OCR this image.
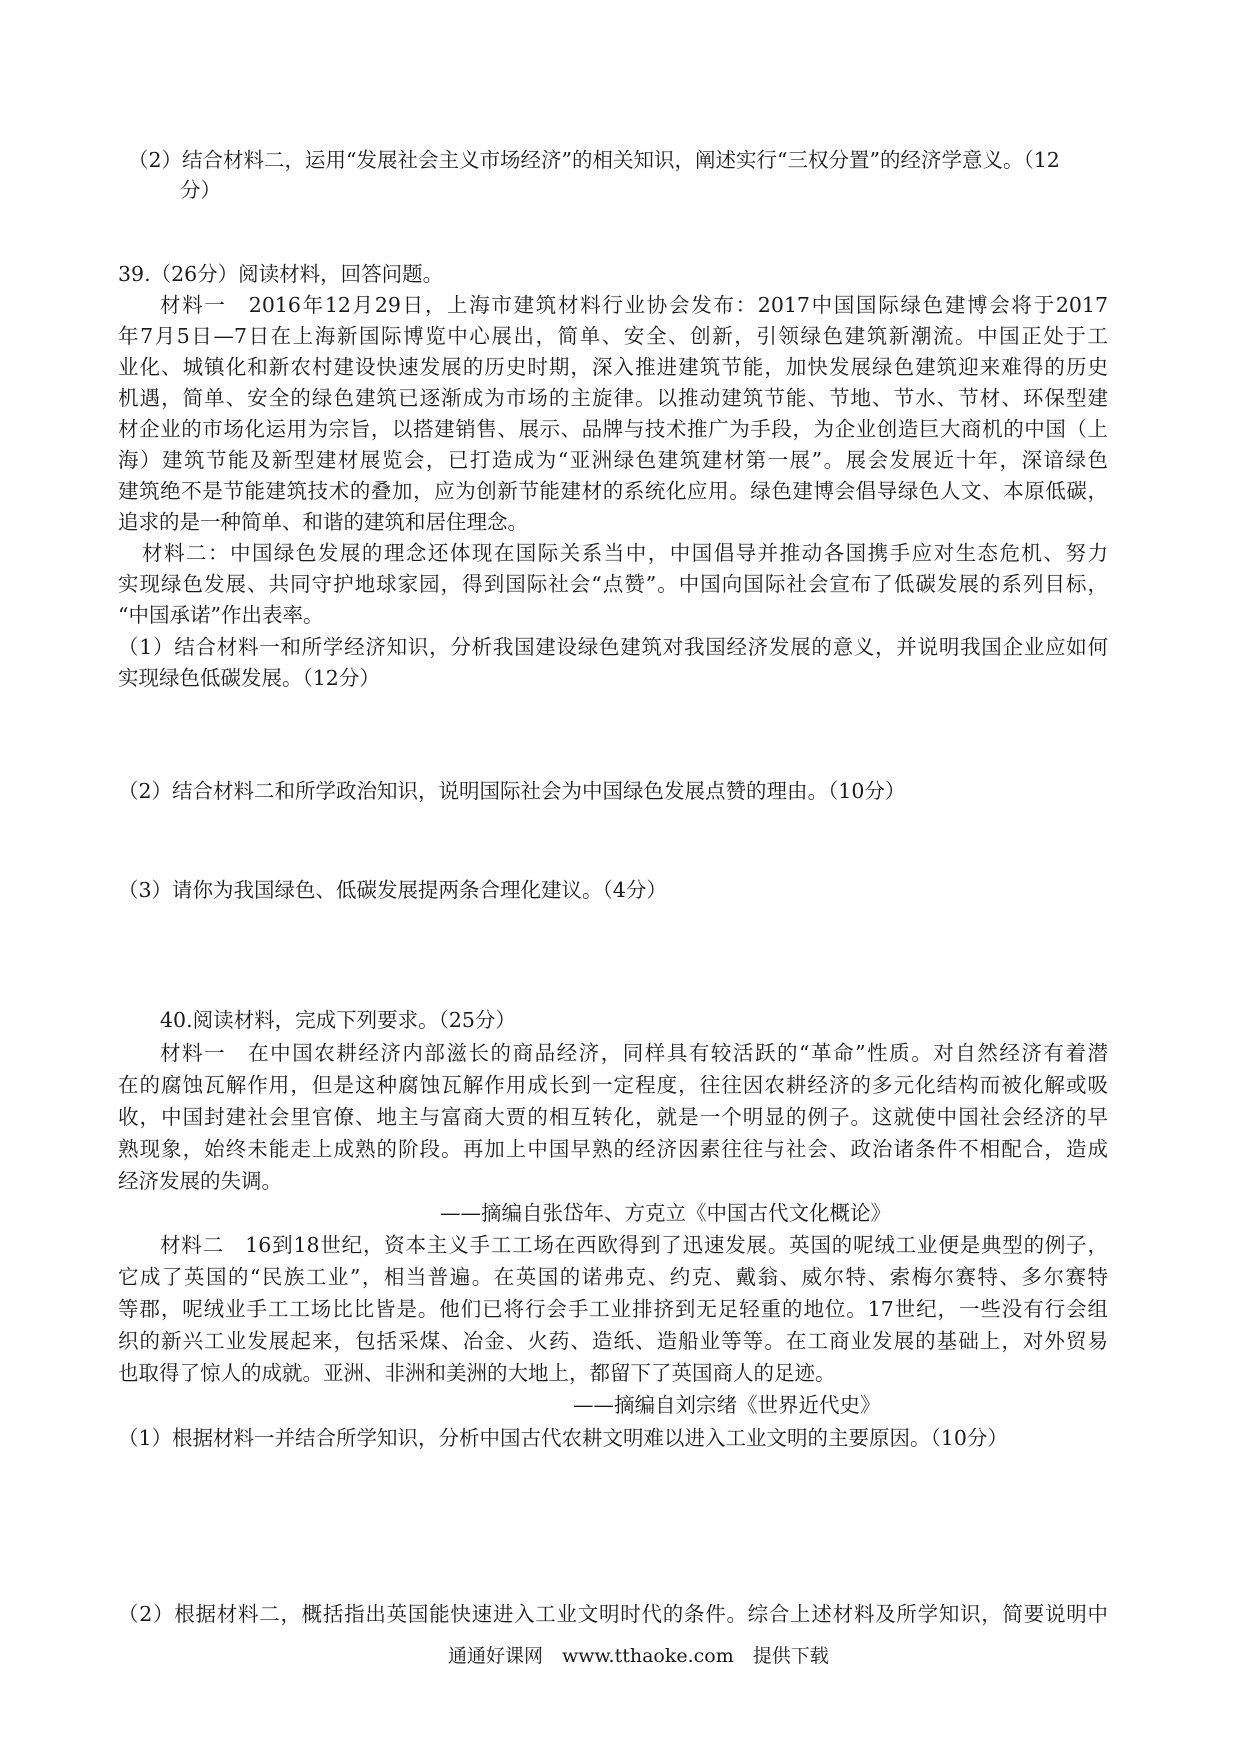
（2）结合材料二，运用“发展社会主义市场经济”的相关知识，阐述实行“三权分置”的经济学意义。（12
分）
39.（26分）阅读材料，回答问题。
材料一　2016年12月29日，上海市建筑材料行业协会发布：2017中国国际绿色建博会将于2017
年7月5日—7日在上海新国际博览中心展出，简单、安全、创新，引领绿色建筑新潮流。中国正处于工
业化、城镇化和新农村建设快速发展的历史时期，深入推进建筑节能，加快发展绿色建筑迎来难得的历史
机遇，简单、安全的绿色建筑已逐渐成为市场的主旋律。以推动建筑节能、节地、节水、节材、环保型建
材企业的市场化运用为宗旨，以搭建销售、展示、品牌与技术推广为手段，为企业创造巨大商机的中国（上
海）建筑节能及新型建材展览会，已打造成为“亚洲绿色建筑建材第一展”。展会发展近十年，深谙绿色
建筑绝不是节能建筑技术的叠加，应为创新节能建材的系统化应用。绿色建博会倡导绿色人文、本原低碳，
追求的是一种简单、和谐的建筑和居住理念。
材料二：中国绿色发展的理念还体现在国际关系当中，中国倡导并推动各国携手应对生态危机、努力
实现绿色发展、共同守护地球家园，得到国际社会“点赞”。中国向国际社会宣布了低碳发展的系列目标，
“中国承诺”作出表率。
（1）结合材料一和所学经济知识，分析我国建设绿色建筑对我国经济发展的意义，并说明我国企业应如何
实现绿色低碳发展。（12分）
（2）结合材料二和所学政治知识，说明国际社会为中国绿色发展点赞的理由。（10分）
（3）请你为我国绿色、低碳发展提两条合理化建议。（4分）
40.阅读材料，完成下列要求。（25分）
材料一　在中国农耕经济内部滋长的商品经济，同样具有较活跃的“革命”性质。对自然经济有着潜
在的腐蚀瓦解作用，但是这种腐蚀瓦解作用成长到一定程度，往往因农耕经济的多元化结构而被化解或吸
收，中国封建社会里官僚、地主与富商大贾的相互转化，就是一个明显的例子。这就使中国社会经济的早
熟现象，始终未能走上成熟的阶段。再加上中国早熟的经济因素往往与社会、政治诸条件不相配合，造成
经济发展的失调。
——摘编自张岱年、方克立《中国古代文化概论》
材料二　16到18世纪，资本主义手工工场在西欧得到了迅速发展。英国的呢绒工业便是典型的例子，
它成了英国的“民族工业”，相当普遍。在英国的诺弗克、约克、戴翁、威尔特、索梅尔赛特、多尔赛特
等郡，呢绒业手工工场比比皆是。他们已将行会手工业排挤到无足轻重的地位。17世纪，一些没有行会组
织的新兴工业发展起来，包括采煤、冶金、火药、造纸、造船业等等。在工商业发展的基础上，对外贸易
也取得了惊人的成就。亚洲、非洲和美洲的大地上，都留下了英国商人的足迹。
——摘编自刘宗绪《世界近代史》
（1）根据材料一并结合所学知识，分析中国古代农耕文明难以进入工业文明的主要原因。（10分）
（2）根据材料二，概括指出英国能快速进入工业文明时代的条件。综合上述材料及所学知识，简要说明中
通通好课网　www.tthaoke.com　提供下载
